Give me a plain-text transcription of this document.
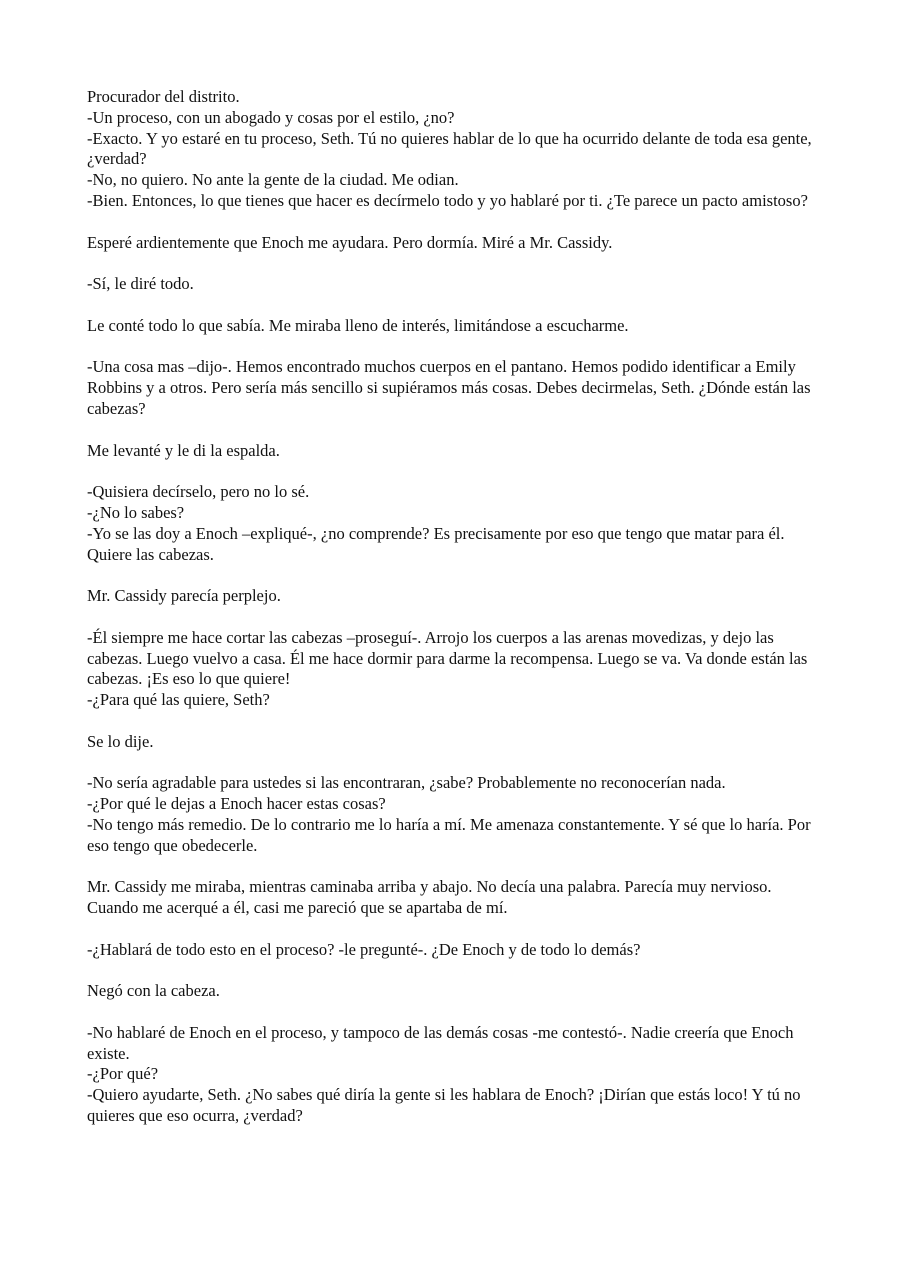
Procurador del distrito.
-Un proceso, con un abogado y cosas por el estilo, ¿no?
-Exacto. Y yo estaré en tu proceso, Seth. Tú no quieres hablar de lo que ha ocurrido delante de toda esa gente, ¿verdad?
-No, no quiero. No ante la gente de la ciudad. Me odian.
-Bien. Entonces, lo que tienes que hacer es decírmelo todo y yo hablaré por ti. ¿Te parece un pacto amistoso?
Esperé ardientemente que Enoch me ayudara. Pero dormía. Miré a Mr. Cassidy.
-Sí, le diré todo.
Le conté todo lo que sabía. Me miraba lleno de interés, limitándose a escucharme.
-Una cosa mas –dijo-. Hemos encontrado muchos cuerpos en el pantano. Hemos podido identificar a Emily Robbins y a otros. Pero sería más sencillo si supiéramos más cosas. Debes decirmelas, Seth. ¿Dónde están las cabezas?
Me levanté y le di la espalda.
-Quisiera decírselo, pero no lo sé.
-¿No lo sabes?
-Yo se las doy a Enoch –expliqué-, ¿no comprende? Es precisamente por eso que tengo que matar para él. Quiere las cabezas.
Mr. Cassidy parecía perplejo.
-Él siempre me hace cortar las cabezas –proseguí-. Arrojo los cuerpos a las arenas movedizas, y dejo las cabezas. Luego vuelvo a casa. Él me hace dormir para darme la recompensa. Luego se va. Va donde están las cabezas. ¡Es eso lo que quiere!
-¿Para qué las quiere, Seth?
Se lo dije.
-No sería agradable para ustedes si las encontraran, ¿sabe? Probablemente no reconocerían nada.
-¿Por qué le dejas a Enoch hacer estas cosas?
-No tengo más remedio. De lo contrario me lo haría a mí. Me amenaza constantemente. Y sé que lo haría. Por eso tengo que obedecerle.
Mr. Cassidy me miraba, mientras caminaba arriba y abajo. No decía una palabra. Parecía muy nervioso. Cuando me acerqué a él, casi me pareció que se apartaba de mí.
-¿Hablará de todo esto en el proceso? -le pregunté-. ¿De Enoch y de todo lo demás?
Negó con la cabeza.
-No hablaré de Enoch en el proceso, y tampoco de las demás cosas -me contestó-. Nadie creería que Enoch existe.
-¿Por qué?
-Quiero ayudarte, Seth. ¿No sabes qué diría la gente si les hablara de Enoch? ¡Dirían que estás loco! Y tú no quieres que eso ocurra, ¿verdad?
